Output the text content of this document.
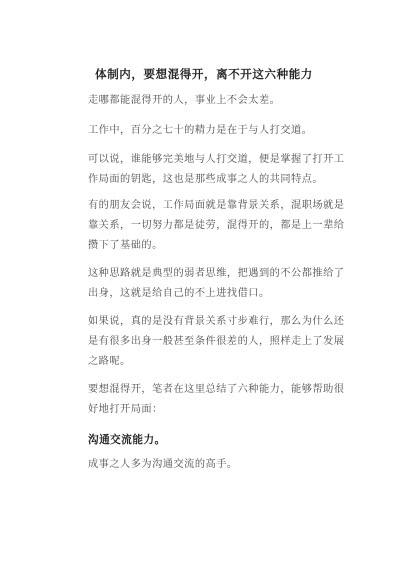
体制内，要想混得开，离不开这六种能力
走哪都能混得开的人，事业上不会太差。
工作中，百分之七十的精力是在于与人打交道。
可以说，谁能够完美地与人打交道，便是掌握了打开工作局面的钥匙，这也是那些成事之人的共同特点。
有的朋友会说，工作局面就是靠背景关系，混职场就是靠关系，一切努力都是徒劳，混得开的，都是上一辈给攒下了基础的。
这种思路就是典型的弱者思维，把遇到的不公都推给了出身，这就是给自己的不上进找借口。
如果说，真的是没有背景关系寸步难行，那么为什么还是有很多出身一般甚至条件很差的人，照样走上了发展之路呢。
要想混得开，笔者在这里总结了六种能力，能够帮助很好地打开局面：
沟通交流能力。
成事之人多为沟通交流的高手。
